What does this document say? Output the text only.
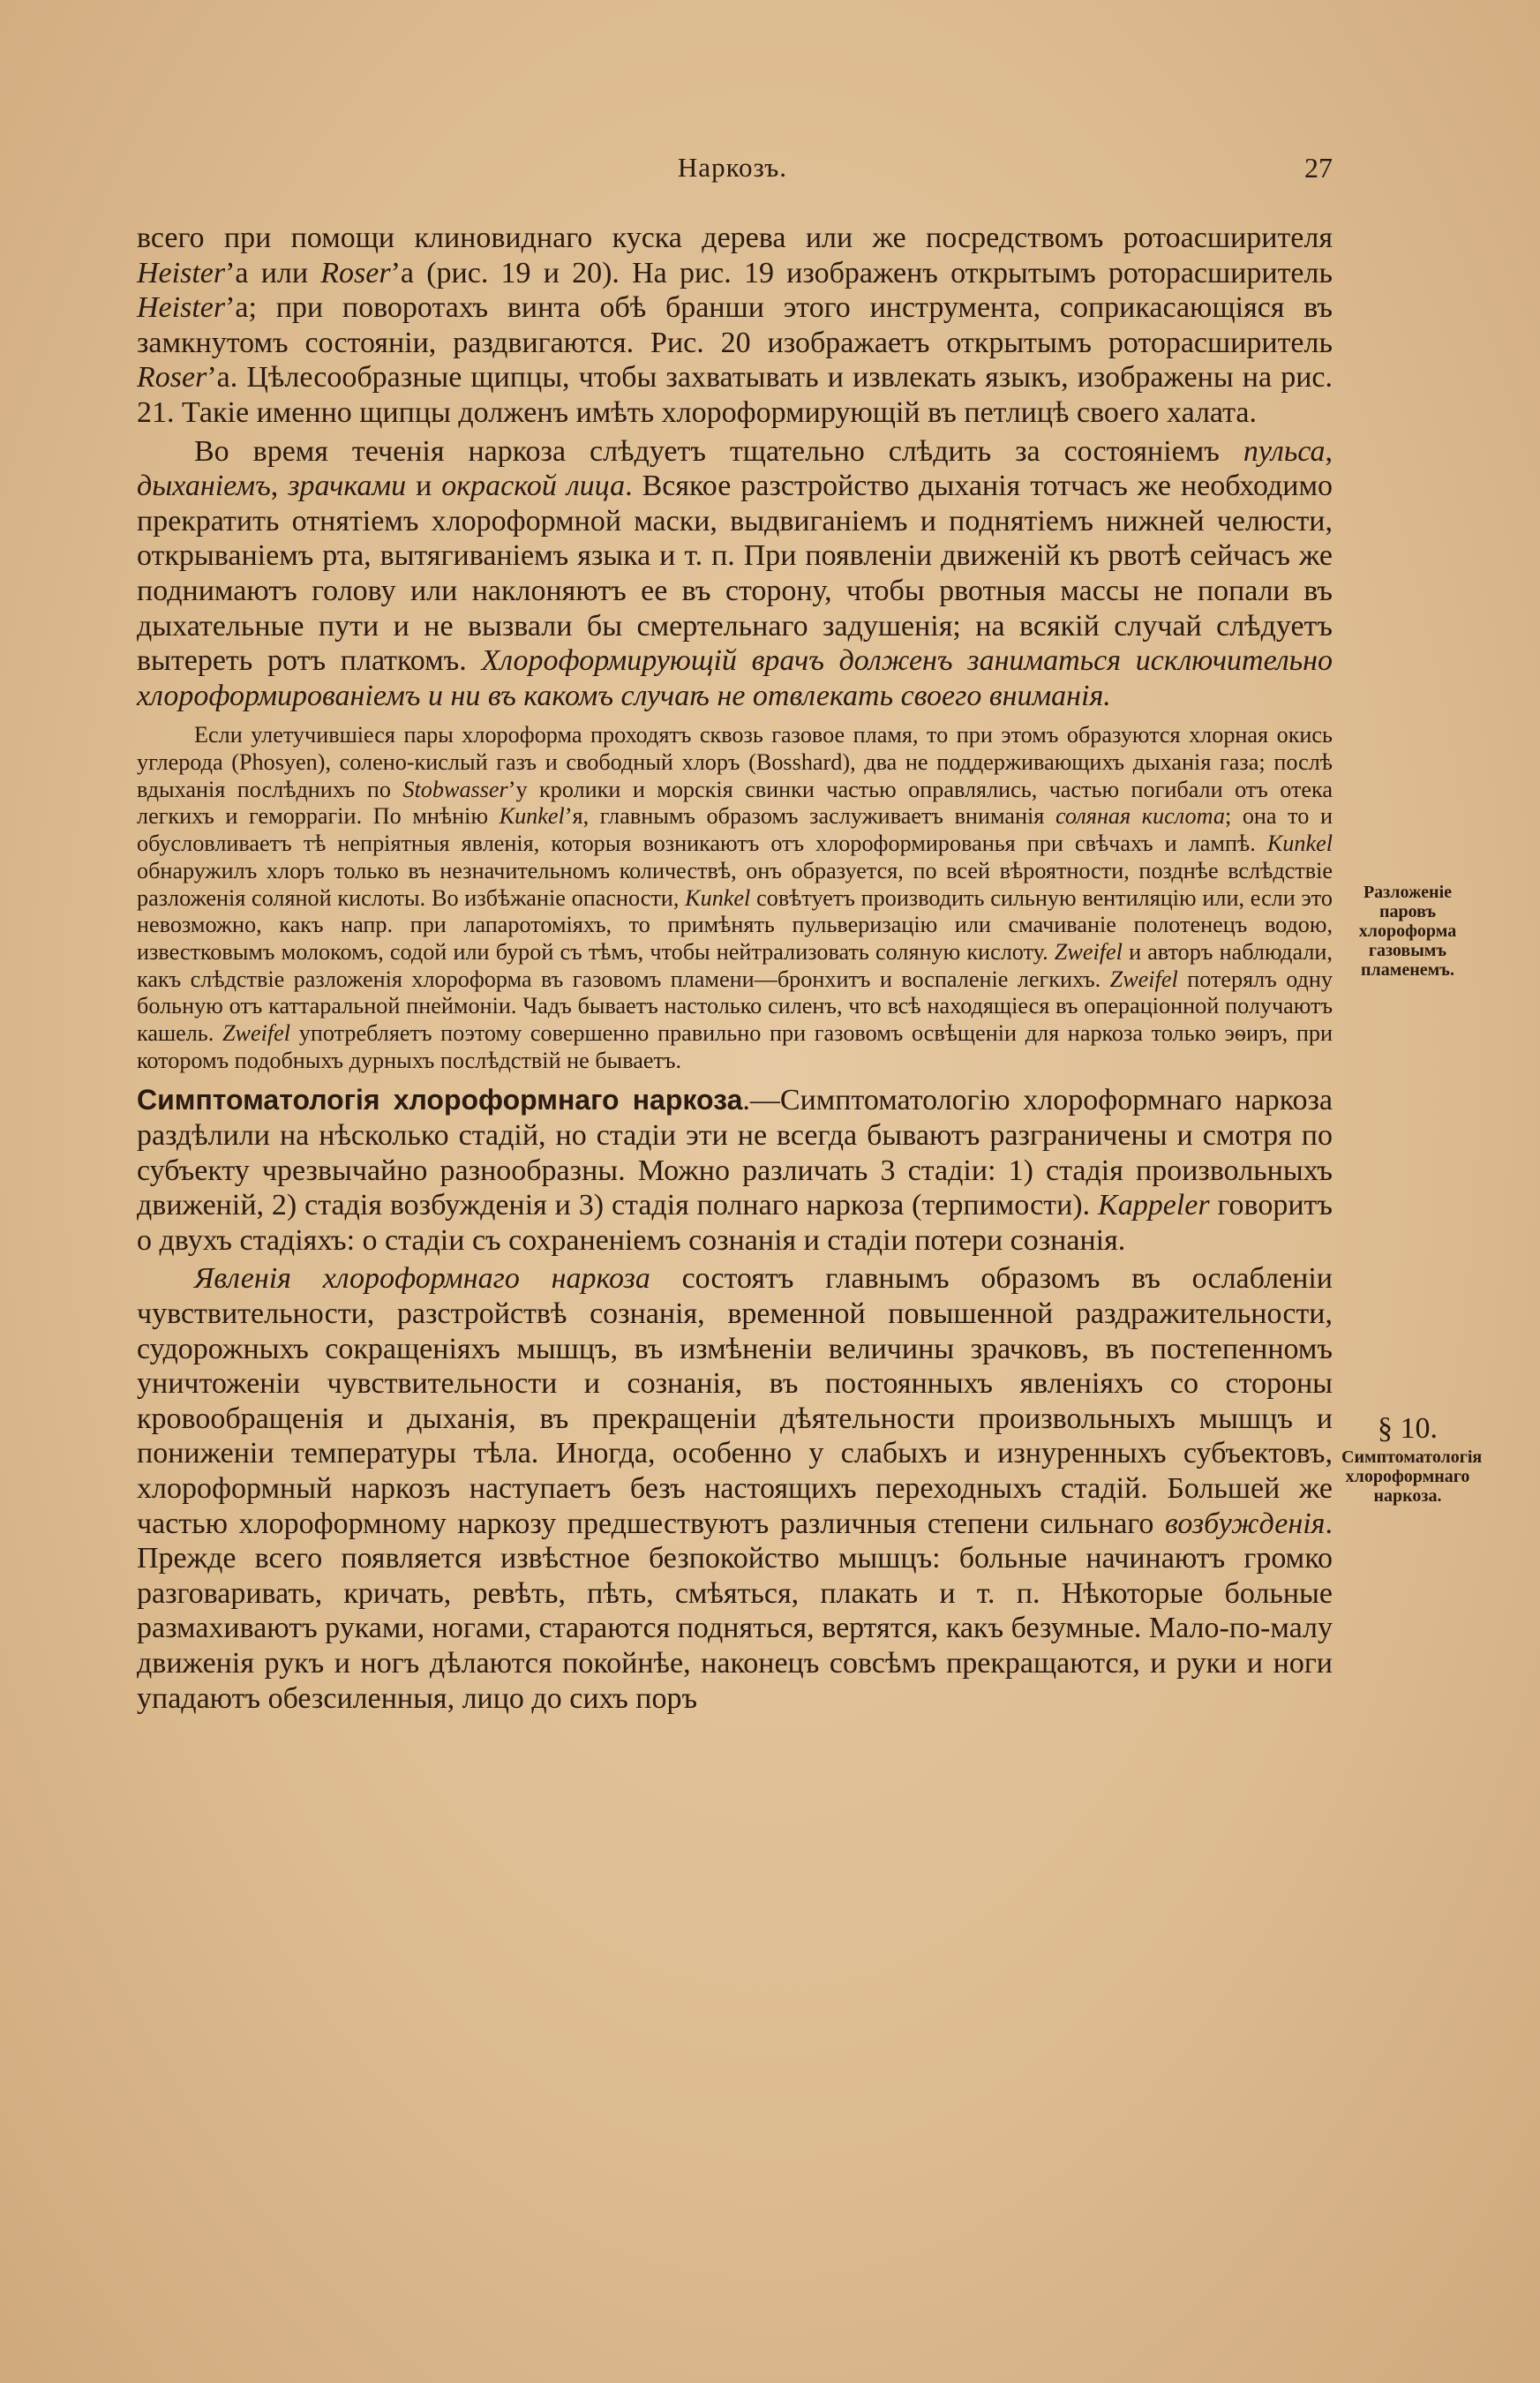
Наркозъ.	27

всего при помощи клиновиднаго куска дерева или же посредствомъ ротоасширителя Heister’а или Roser’а (рис. 19 и 20). На рис. 19 изображенъ открытымъ роторасширитель Heister’a; при поворотахъ винта обѣ бранши этого инструмента, соприкасающіяся въ замкнутомъ состояніи, раздвигаются. Рис. 20 изображаетъ открытымъ роторасширитель Roser’а. Цѣлесообразные щипцы, чтобы захватывать и извлекать языкъ, изображены на рис. 21. Такіе именно щипцы долженъ имѣть хлороформирующій въ петлицѣ своего халата.

Во время теченія наркоза слѣдуетъ тщательно слѣдить за состояніемъ пульса, дыханіемъ, зрачками и окраской лица. Всякое разстройство дыханія тотчасъ же необходимо прекратить отнятіемъ хлороформной маски, выдвиганіемъ и поднятіемъ нижней челюсти, открываніемъ рта, вытягиваніемъ языка и т. п. При появленіи движеній къ рвотѣ сейчасъ же поднимаютъ голову или наклоняютъ ее въ сторону, чтобы рвотныя массы не попали въ дыхательные пути и не вызвали бы смертельнаго задушенія; на всякій случай слѣдуетъ вытереть ротъ платкомъ. Хлороформирующій врачъ долженъ заниматься исключительно хлороформированіемъ и ни въ какомъ случаѣ не отвлекать своего вниманія.

Если улетучившіеся пары хлороформа проходятъ сквозь газовое пламя, то при этомъ образуются хлорная окись углерода (Phosyen), солено-кислый газъ и свободный хлоръ (Bosshard), два не поддерживающихъ дыханія газа; послѣ вдыханія послѣднихъ по Stobwasser’у кролики и морскія свинки частью оправлялись, частью погибали отъ отека легкихъ и геморрагіи. По мнѣнію Kunkel’я, главнымъ образомъ заслуживаетъ вниманія соляная кислота; она то и обусловливаетъ тѣ непріятныя явленія, которыя возникаютъ отъ хлороформированья при свѣчахъ и лампѣ. Kunkel обнаружилъ хлоръ только въ незначительномъ количествѣ, онъ образуется, по всей вѣроятности, позднѣе вслѣдствіе разложенія соляной кислоты. Во избѣжаніе опасности, Kunkel совѣтуетъ производить сильную вентиляцію или, если это невозможно, какъ напр. при лапаротоміяхъ, то примѣнять пульверизацію или смачиваніе полотенецъ водою, известковымъ молокомъ, содой или бурой съ тѣмъ, чтобы нейтрализовать соляную кислоту. Zweifel и авторъ наблюдали, какъ слѣдствіе разложенія хлороформа въ газовомъ пламени—бронхитъ и воспаленіе легкихъ. Zweifel потерялъ одну больную отъ каттаральной пнеймоніи. Чадъ бываетъ настолько силенъ, что всѣ находящіеся въ операціонной получаютъ кашель. Zweifel употребляетъ поэтому совершенно правильно при газовомъ освѣщеніи для наркоза только эѳиръ, при которомъ подобныхъ дурныхъ послѣдствій не бываетъ.

Симптоматологія хлороформнаго наркоза.—Симптоматологію хлороформнаго наркоза раздѣлили на нѣсколько стадій, но стадіи эти не всегда бываютъ разграничены и смотря по субъекту чрезвычайно разнообразны. Можно различать 3 стадіи: 1) стадія произвольныхъ движеній, 2) стадія возбужденія и 3) стадія полнаго наркоза (терпимости). Kappeler говоритъ о двухъ стадіяхъ: о стадіи съ сохраненіемъ сознанія и стадіи потери сознанія.

Явленія хлороформнаго наркоза состоятъ главнымъ образомъ въ ослабленіи чувствительности, разстройствѣ сознанія, временной повышенной раздражительности, судорожныхъ сокращеніяхъ мышцъ, въ измѣненіи величины зрачковъ, въ постепенномъ уничтоженіи чувствительности и сознанія, въ постоянныхъ явленіяхъ со стороны кровообращенія и дыханія, въ прекращеніи дѣятельности произвольныхъ мышцъ и пониженіи температуры тѣла. Иногда, особенно у слабыхъ и изнуренныхъ субъектовъ, хлороформный наркозъ наступаетъ безъ настоящихъ переходныхъ стадій. Большей же частью хлороформному наркозу предшествуютъ различныя степени сильнаго возбужденія. Прежде всего появляется извѣстное безпокойство мышцъ: больные начинаютъ громко разговаривать, кричать, ревѣть, пѣть, смѣяться, плакать и т. п. Нѣкоторые больные размахиваютъ руками, ногами, стараются подняться, вертятся, какъ безумные. Мало-по-малу движенія рукъ и ногъ дѣлаются покойнѣе, наконецъ совсѣмъ прекращаются, и руки и ноги упадаютъ обезсиленныя, лицо до сихъ поръ

Разложеніе паровъ хлороформа газовымъ пламенемъ.
§ 10.
Симптоматологія хлороформнаго наркоза.
